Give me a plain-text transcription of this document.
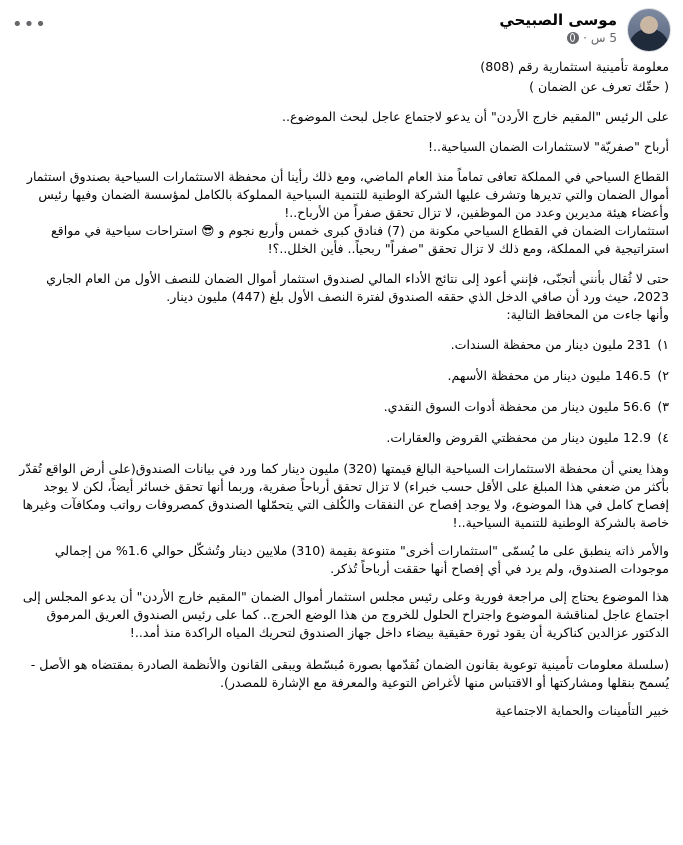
موسى الصبيحي
5 س
·
•••

معلومة تأمينية استثمارية رقم (808)

( حقّك تعرف عن الضمان )

على الرئيس "المقيم خارج الأردن" أن يدعو لاجتماع عاجل لبحث الموضوع..

أرباح "صفريّة" لاستثمارات الضمان السياحية..!

القطاع السياحي في المملكة تعافى تماماً منذ العام الماضي، ومع ذلك رأينا أن محفظة الاستثمارات السياحية بصندوق استثمار أموال الضمان والتي تديرها وتشرف عليها الشركة الوطنية للتنمية السياحية المملوكة بالكامل لمؤسسة الضمان وفيها رئيس وأعضاء هيئة مديرين وعدد من الموظفين، لا تزال تحقق صفراً من الأرباح..!

استثمارات الضمان في القطاع السياحي مكونة من (7) فنادق كبرى خمس وأربع نجوم و 😎 استراحات سياحية في مواقع استراتيجية في المملكة، ومع ذلك لا تزال تحقق "صفراً" ربحياً.. فأين الخلل..؟!

حتى لا ثُقال بأنني أتجنّى، فإنني أعود إلى نتائج الأداء المالي لصندوق استثمار أموال الضمان للنصف الأول من العام الجاري 2023، حيث ورد أن صافي الدخل الذي حققه الصندوق لفترة النصف الأول بلغ (447) مليون دينار.

وأنها جاءت من المحافظ التالية:

١)
231 مليون دينار من محفظة السندات.
٢)
146.5 مليون دينار من محفظة الأسهم.
٣)
56.6 مليون دينار من محفظة أدوات السوق النقدي.
٤)
12.9 مليون دينار من محفظتي القروض والعقارات.

وهذا يعني أن محفظة الاستثمارات السياحية البالغ قيمتها (320) مليون دينار كما ورد في بيانات الصندوق(على أرض الواقع تُقدّر بأكثر من ضعفي هذا المبلغ على الأقل حسب خبراء) لا تزال تحقق أرباحاً صفرية، وربما أنها تحقق خسائر أيضاً، لكن لا يوجد إفصاح كامل في هذا الموضوع، ولا يوجد إفصاح عن النفقات والكُلف التي يتحمّلها الصندوق كمصروفات رواتب ومكافآت وغيرها خاصة بالشركة الوطنية للتنمية السياحية..!

والأمر ذاته ينطبق على ما يُسمّى "استثمارات أخرى" متنوعة بقيمة (310) ملايين دينار وتُشكّل حوالي 1.6% من إجمالي موجودات الصندوق، ولم يرد في أي إفصاح أنها حققت أرباحاً تُذكر.

هذا الموضوع يحتاج إلى مراجعة فورية وعلى رئيس مجلس استثمار أموال الضمان "المقيم خارج الأردن" أن يدعو المجلس إلى اجتماع عاجل لمناقشة الموضوع واجتراح الحلول للخروج من هذا الوضع الحرج.. كما على رئيس الصندوق العريق المرموق الدكتور عزالدين كناكرية أن يقود ثورة حقيقية بيضاء داخل جهاز الصندوق لتحريك المياه الراكدة منذ أمد..!

(سلسلة معلومات تأمينية توعوية بقانون الضمان نُقدّمها بصورة مُبسّطة ويبقى القانون والأنظمة الصادرة بمقتضاه هو الأصل - يُسمح بنقلها ومشاركتها أو الاقتباس منها لأغراض التوعية والمعرفة مع الإشارة للمصدر).

خبير التأمينات والحماية الاجتماعية
